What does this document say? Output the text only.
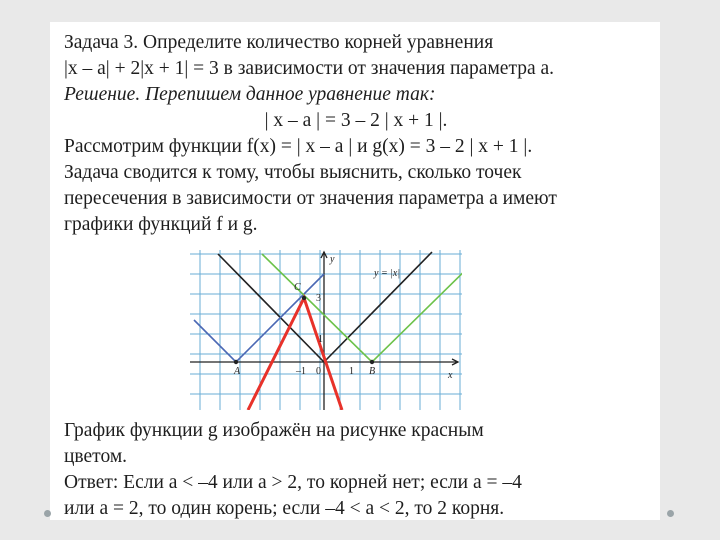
Задача 3. Определите количество корней уравнения

|x – a| + 2|x + 1| = 3 в зависимости от значения параметра a.

Решение. Перепишем данное уравнение так:

| x – a | = 3 – 2 | x + 1 |.

Рассмотрим функции f(x) = | x – a | и g(x) = 3 – 2 | x + 1 |.

Задача сводится к тому, чтобы выяснить, сколько точек

пересечения в зависимости от значения параметра a имеют

графики функций f и g.

y
x
y = |x|
C
A	B
3
1
–1 0	1

График функции g изображён на рисунке красным

цветом.

Ответ: Если a < –4 или a > 2, то корней нет; если a = –4

или a = 2, то один корень; если –4 < a < 2, то 2 корня.
